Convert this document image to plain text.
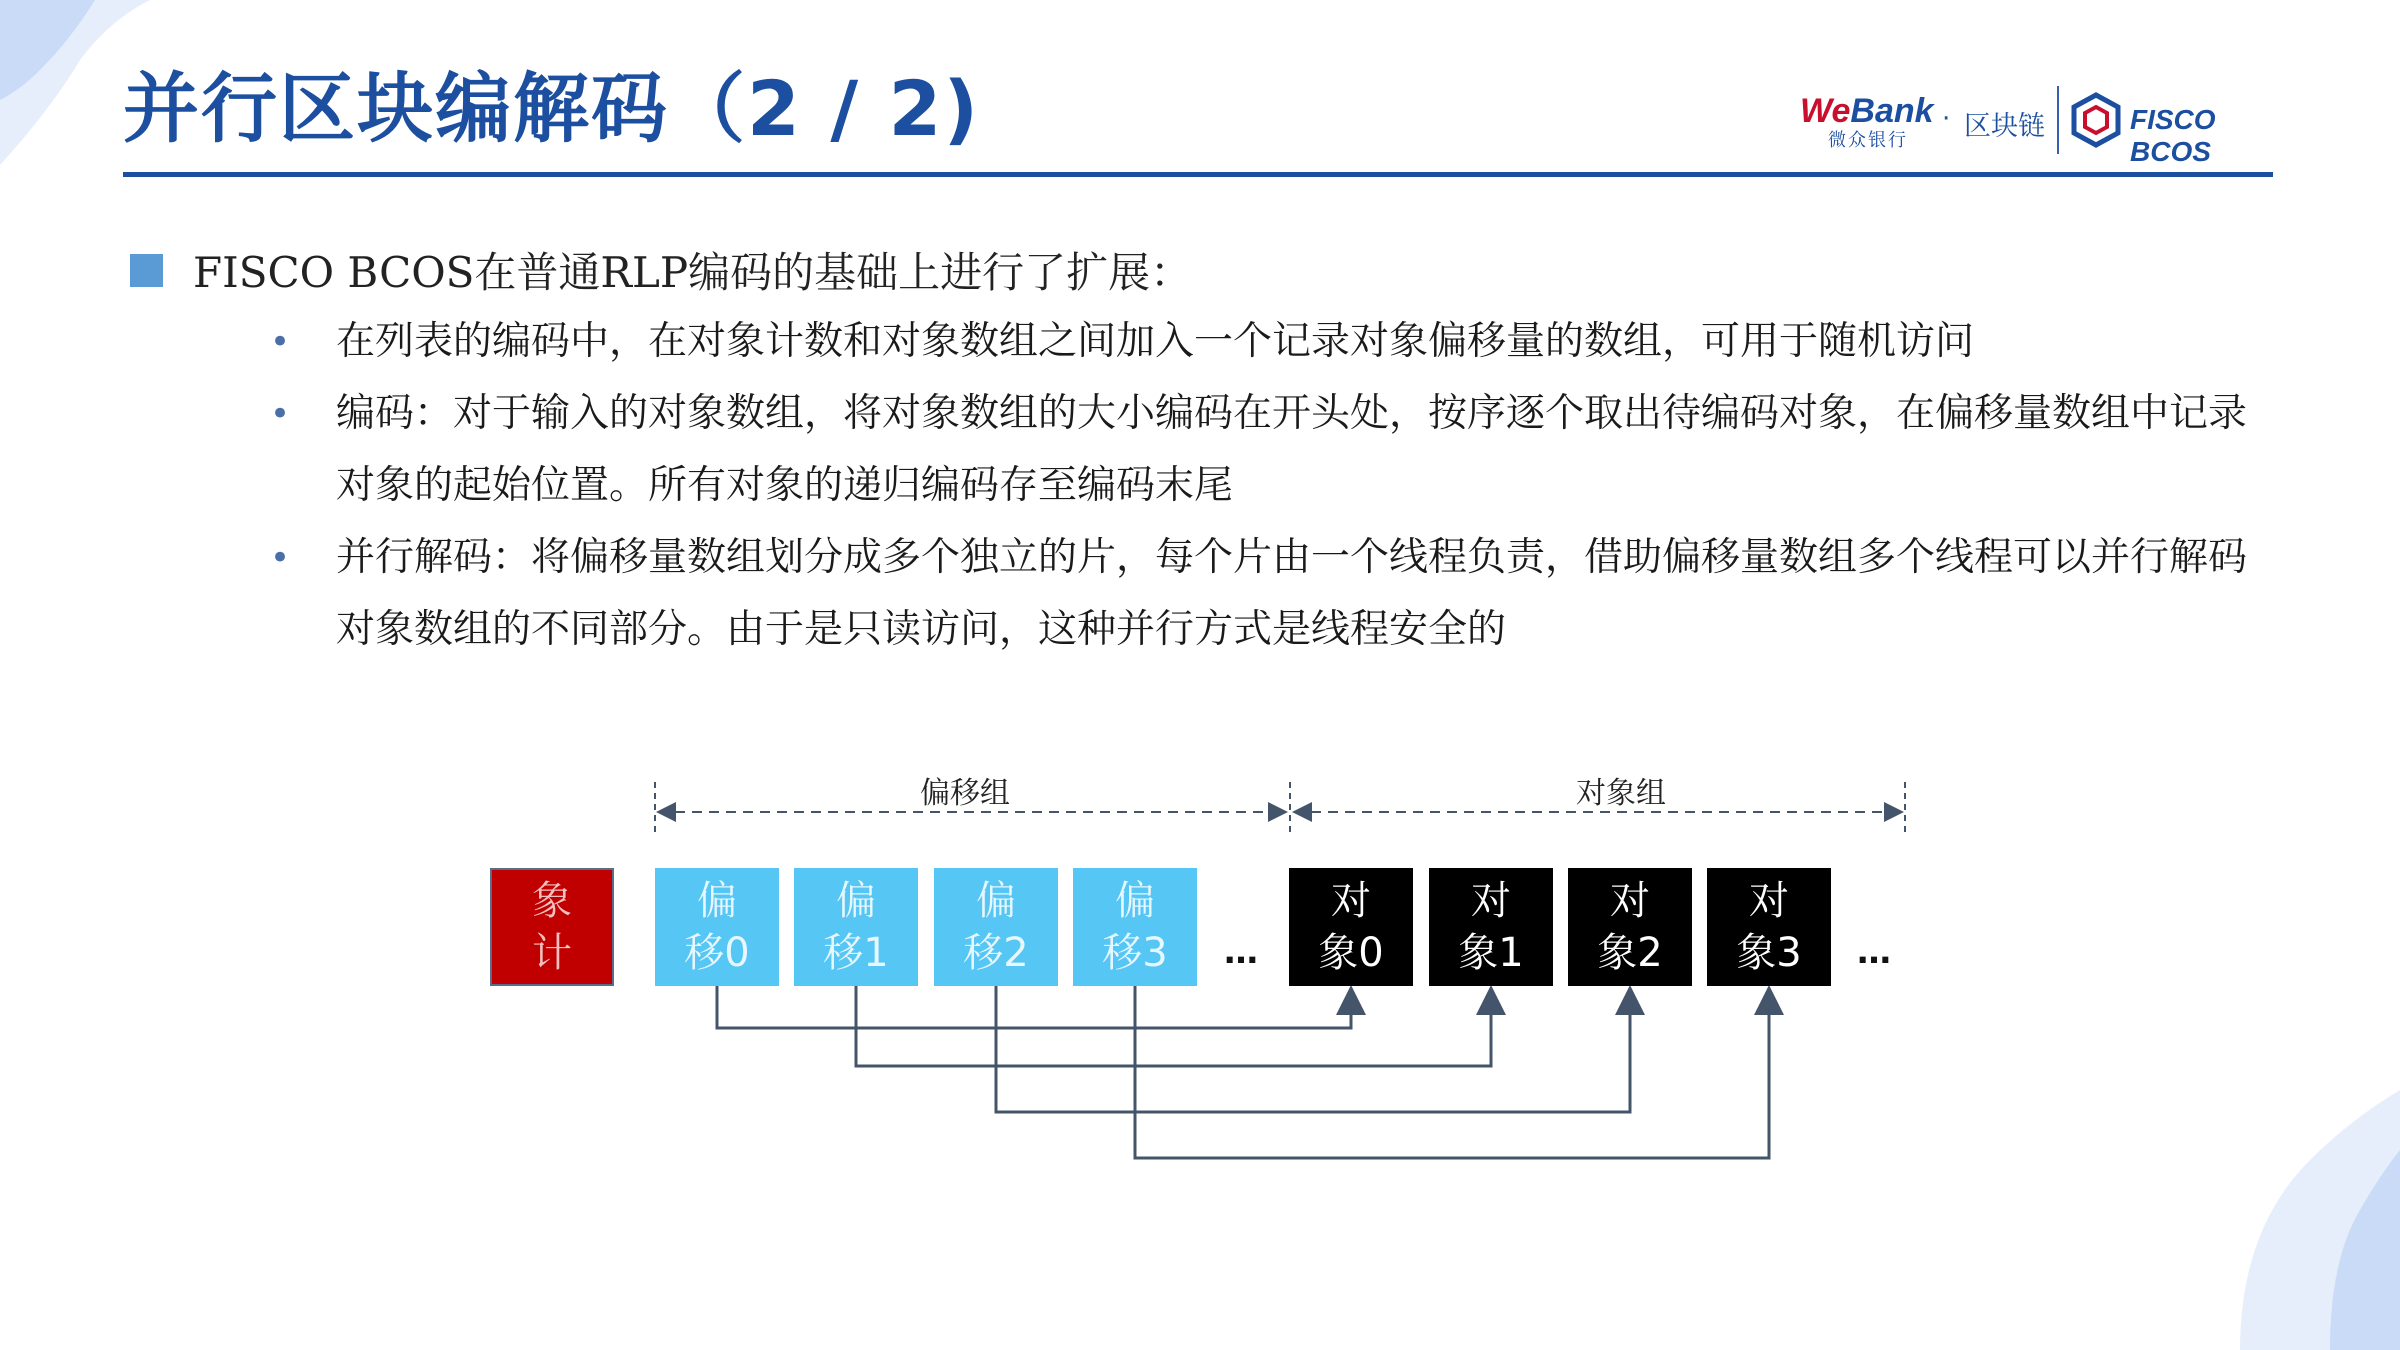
并行区块编解码（2 / 2)	WeBank
微众银行
· 区块链	FISCO BCOS
FISCO BCOS在普通RLP编码的基础上进行了扩展：
• 在列表的编码中，在对象计数和对象数组之间加入一个记录对象偏移量的数组，可用于随机访问
• 编码：对于输入的对象数组，将对象数组的大小编码在开头处，按序逐个取出待编码对象，在偏移量数组中记录对象的起始位置。所有对象的递归编码存至编码末尾
• 并行解码：将偏移量数组划分成多个独立的片，每个片由一个线程负责，借助偏移量数组多个线程可以并行解码对象数组的不同部分。由于是只读访问，这种并行方式是线程安全的
偏移组	对象组
象
计
偏
移0
偏
移1
偏
移2
偏
移3 …
对
象0
对
象1
对
象2
对
象3 …
